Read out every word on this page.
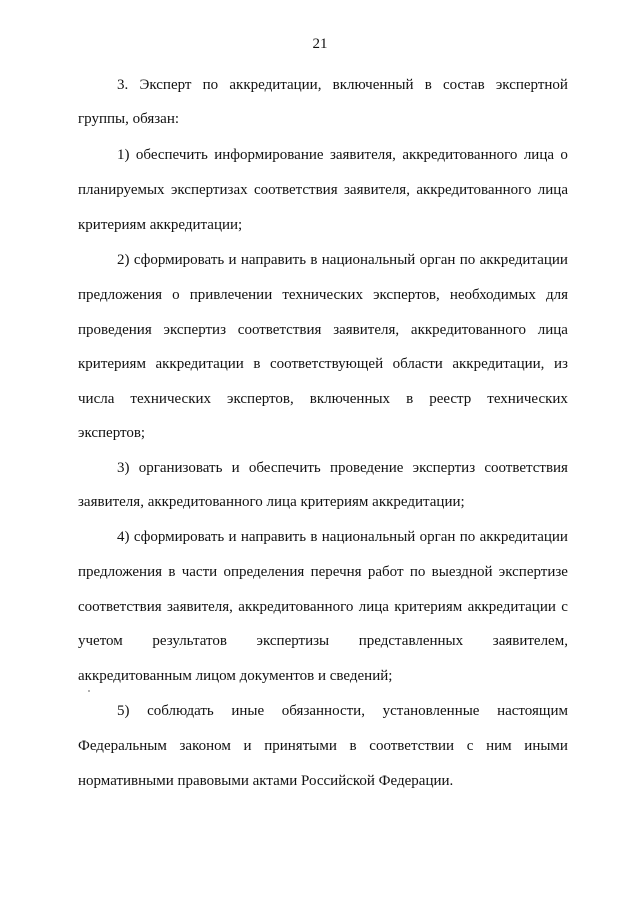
21
3. Эксперт по аккредитации, включенный в состав экспертной
группы, обязан:
1) обеспечить информирование заявителя, аккредитованного лица о
планируемых экспертизах соответствия заявителя, аккредитованного лица
критериям аккредитации;
2) сформировать и направить в национальный орган по аккредитации
предложения о привлечении технических экспертов, необходимых для
проведения экспертиз соответствия заявителя, аккредитованного лица
критериям аккредитации в соответствующей области аккредитации, из
числа технических экспертов, включенных в реестр технических
экспертов;
3) организовать и обеспечить проведение экспертиз соответствия
заявителя, аккредитованного лица критериям аккредитации;
4) сформировать и направить в национальный орган по аккредитации
предложения в части определения перечня работ по выездной экспертизе
соответствия заявителя, аккредитованного лица критериям аккредитации с
учетом результатов экспертизы представленных заявителем,
аккредитованным лицом документов и сведений;
5) соблюдать иные обязанности, установленные настоящим
Федеральным законом и принятыми в соответствии с ним иными
нормативными правовыми актами Российской Федерации.
